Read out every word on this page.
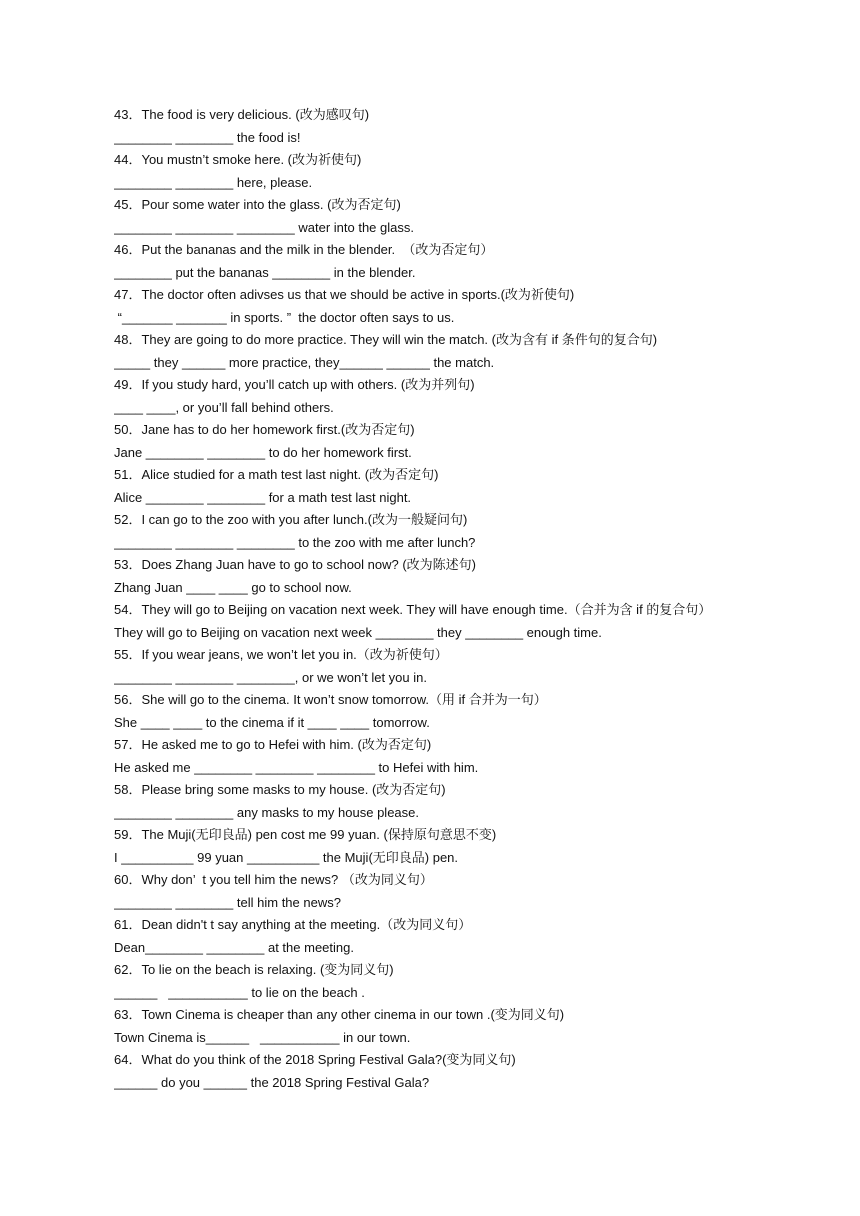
43．The food is very delicious. (改为感叹句)
________ ________ the food is!
44．You mustn’t smoke here. (改为祈使句)
________ ________ here, please.
45．Pour some water into the glass. (改为否定句)
________ ________ ________ water into the glass.
46．Put the bananas and the milk in the blender.  （改为否定句）
________ put the bananas ________ in the blender.
47．The doctor often adivses us that we should be active in sports.(改为祈使句)
“_______ _______ in sports. ”  the doctor often says to us.
48．They are going to do more practice. They will win the match. (改为含有 if 条件句的复合句)
_____ they ______ more practice, they______ ______ the match.
49．If you study hard, you’ll catch up with others. (改为并列句)
____ ____, or you’ll fall behind others.
50．Jane has to do her homework first.(改为否定句)
Jane ________ ________ to do her homework first.
51．Alice studied for a math test last night. (改为否定句)
Alice ________ ________ for a math test last night.
52．I can go to the zoo with you after lunch.(改为一般疑问句)
________ ________ ________ to the zoo with me after lunch?
53．Does Zhang Juan have to go to school now? (改为陈述句)
Zhang Juan ____ ____ go to school now.
54．They will go to Beijing on vacation next week. They will have enough time.（合并为含 if 的复合句）
They will go to Beijing on vacation next week ________ they ________ enough time.
55．If you wear jeans, we won’t let you in.（改为祈使句）
________ ________ ________, or we won’t let you in.
56．She will go to the cinema. It won’t snow tomorrow.（用 if 合并为一句）
She ____ ____ to the cinema if it ____ ____ tomorrow.
57．He asked me to go to Hefei with him. (改为否定句)
He asked me ________ ________ ________ to Hefei with him.
58．Please bring some masks to my house. (改为否定句)
________ ________ any masks to my house please.
59．The Muji(无印良品) pen cost me 99 yuan. (保持原句意思不变)
I __________ 99 yuan __________ the Muji(无印良品) pen.
60．Why don’  t you tell him the news? （改为同义句）
________ ________ tell him the news?
61．Dean didn't t say anything at the meeting.（改为同义句）
Dean________ ________ at the meeting.
62．To lie on the beach is relaxing. (变为同义句)
______   ___________ to lie on the beach .
63．Town Cinema is cheaper than any other cinema in our town .(变为同义句)
Town Cinema is______   ___________ in our town.
64．What do you think of the 2018 Spring Festival Gala?(变为同义句)
______ do you ______ the 2018 Spring Festival Gala?
